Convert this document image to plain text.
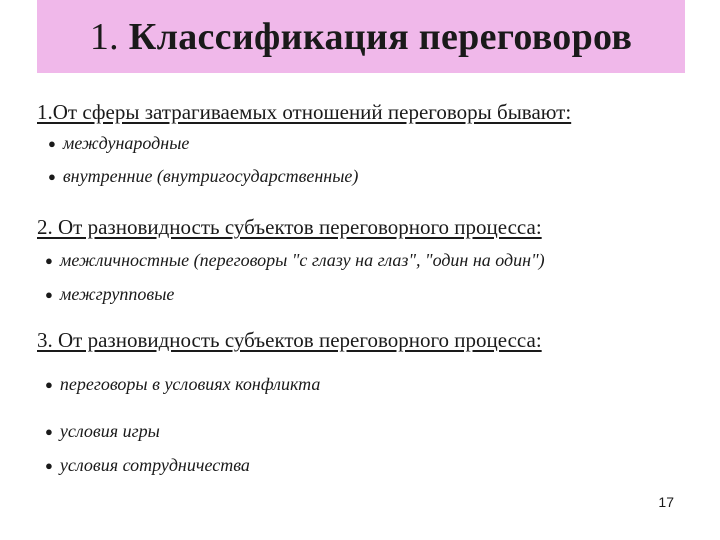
1. Классификация переговоров
1.От сферы затрагиваемых отношений переговоры бывают:
● международные
● внутренние (внутригосударственные)
2. От разновидность субъектов переговорного процесса:
● межличностные (переговоры "с глазу на глаз", "один на один")
● межгрупповые
3. От разновидность субъектов переговорного процесса:
● переговоры в условиях конфликта
● условия игры
● условия сотрудничества
17
